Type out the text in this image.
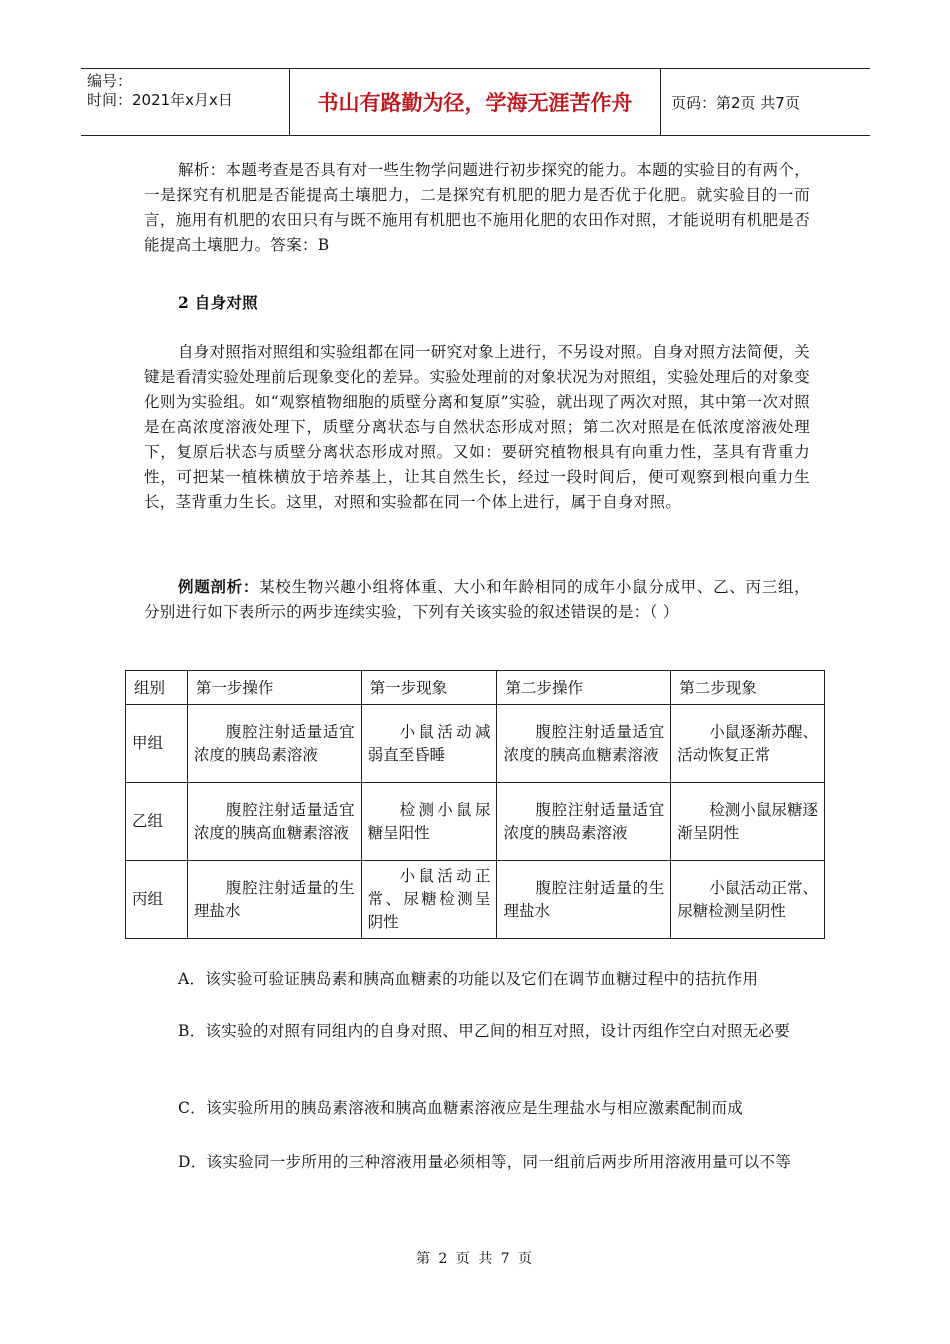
编号：
时间：2021年x月x日	书山有路勤为径，学海无涯苦作舟	页码：第2页 共7页

解析：本题考查是否具有对一些生物学问题进行初步探究的能力。本题的实验目的有两个，一是探究有机肥是否能提高土壤肥力，二是探究有机肥的肥力是否优于化肥。就实验目的一而言，施用有机肥的农田只有与既不施用有机肥也不施用化肥的农田作对照，才能说明有机肥是否能提高土壤肥力。答案：B

2 自身对照

自身对照指对照组和实验组都在同一研究对象上进行，不另设对照。自身对照方法简便，关键是看清实验处理前后现象变化的差异。实验处理前的对象状况为对照组，实验处理后的对象变化则为实验组。如“观察植物细胞的质壁分离和复原”实验，就出现了两次对照，其中第一次对照是在高浓度溶液处理下，质壁分离状态与自然状态形成对照；第二次对照是在低浓度溶液处理下，复原后状态与质壁分离状态形成对照。又如：要研究植物根具有向重力性，茎具有背重力性，可把某一植株横放于培养基上，让其自然生长，经过一段时间后，便可观察到根向重力生长，茎背重力生长。这里，对照和实验都在同一个体上进行，属于自身对照。

例题剖析：某校生物兴趣小组将体重、大小和年龄相同的成年小鼠分成甲、乙、丙三组，分别进行如下表所示的两步连续实验，下列有关该实验的叙述错误的是：（ ）

组别	第一步操作	第一步现象	第二步操作	第二步现象
甲组	腹腔注射适量适宜浓度的胰岛素溶液	小鼠活动减弱直至昏睡	腹腔注射适量适宜浓度的胰高血糖素溶液	小鼠逐渐苏醒、活动恢复正常
乙组	腹腔注射适量适宜浓度的胰高血糖素溶液	检测小鼠尿糖呈阳性	腹腔注射适量适宜浓度的胰岛素溶液	检测小鼠尿糖逐渐呈阴性
丙组	腹腔注射适量的生理盐水	小鼠活动正常、尿糖检测呈阴性	腹腔注射适量的生理盐水	小鼠活动正常、尿糖检测呈阴性

A．该实验可验证胰岛素和胰高血糖素的功能以及它们在调节血糖过程中的拮抗作用

B．该实验的对照有同组内的自身对照、甲乙间的相互对照，设计丙组作空白对照无必要

C．该实验所用的胰岛素溶液和胰高血糖素溶液应是生理盐水与相应激素配制而成

D．该实验同一步所用的三种溶液用量必须相等，同一组前后两步所用溶液用量可以不等

第 2 页 共 7 页
